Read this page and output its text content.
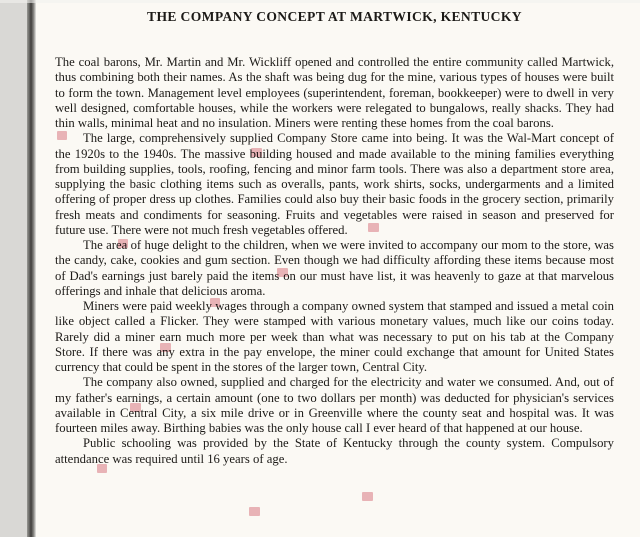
THE COMPANY CONCEPT AT MARTWICK, KENTUCKY

The coal barons, Mr. Martin and Mr. Wickliff opened and controlled the entire community called Martwick, thus combining both their names. As the shaft was being dug for the mine, various types of houses were built to form the town. Management level employees (superintendent, foreman, bookkeeper) were to dwell in very well designed, comfortable houses, while the workers were relegated to bungalows, really shacks. They had thin walls, minimal heat and no insulation. Miners were renting these homes from the coal barons.

The large, comprehensively supplied Company Store came into being. It was the Wal-Mart concept of the 1920s to the 1940s. The massive building housed and made available to the mining families everything from building supplies, tools, roofing, fencing and minor farm tools. There was also a department store area, supplying the basic clothing items such as overalls, pants, work shirts, socks, undergarments and a limited offering of proper dress up clothes. Families could also buy their basic foods in the grocery section, primarily fresh meats and condiments for seasoning. Fruits and vegetables were raised in season and preserved for future use. There were not much fresh vegetables offered.

The area of huge delight to the children, when we were invited to accompany our mom to the store, was the candy, cake, cookies and gum section. Even though we had difficulty affording these items because most of Dad's earnings just barely paid the items on our must have list, it was heavenly to gaze at that marvelous offerings and inhale that delicious aroma.

Miners were paid weekly wages through a company owned system that stamped and issued a metal coin like object called a Flicker. They were stamped with various monetary values, much like our coins today. Rarely did a miner earn much more per week than what was necessary to put on his tab at the Company Store. If there was any extra in the pay envelope, the miner could exchange that amount for United States currency that could be spent in the stores of the larger town, Central City.

The company also owned, supplied and charged for the electricity and water we consumed. And, out of my father's earnings, a certain amount (one to two dollars per month) was deducted for physician's services available in Central City, a six mile drive or in Greenville where the county seat and hospital was. It was fourteen miles away. Birthing babies was the only house call I ever heard of that happened at our house.

Public schooling was provided by the State of Kentucky through the county system. Compulsory attendance was required until 16 years of age.
